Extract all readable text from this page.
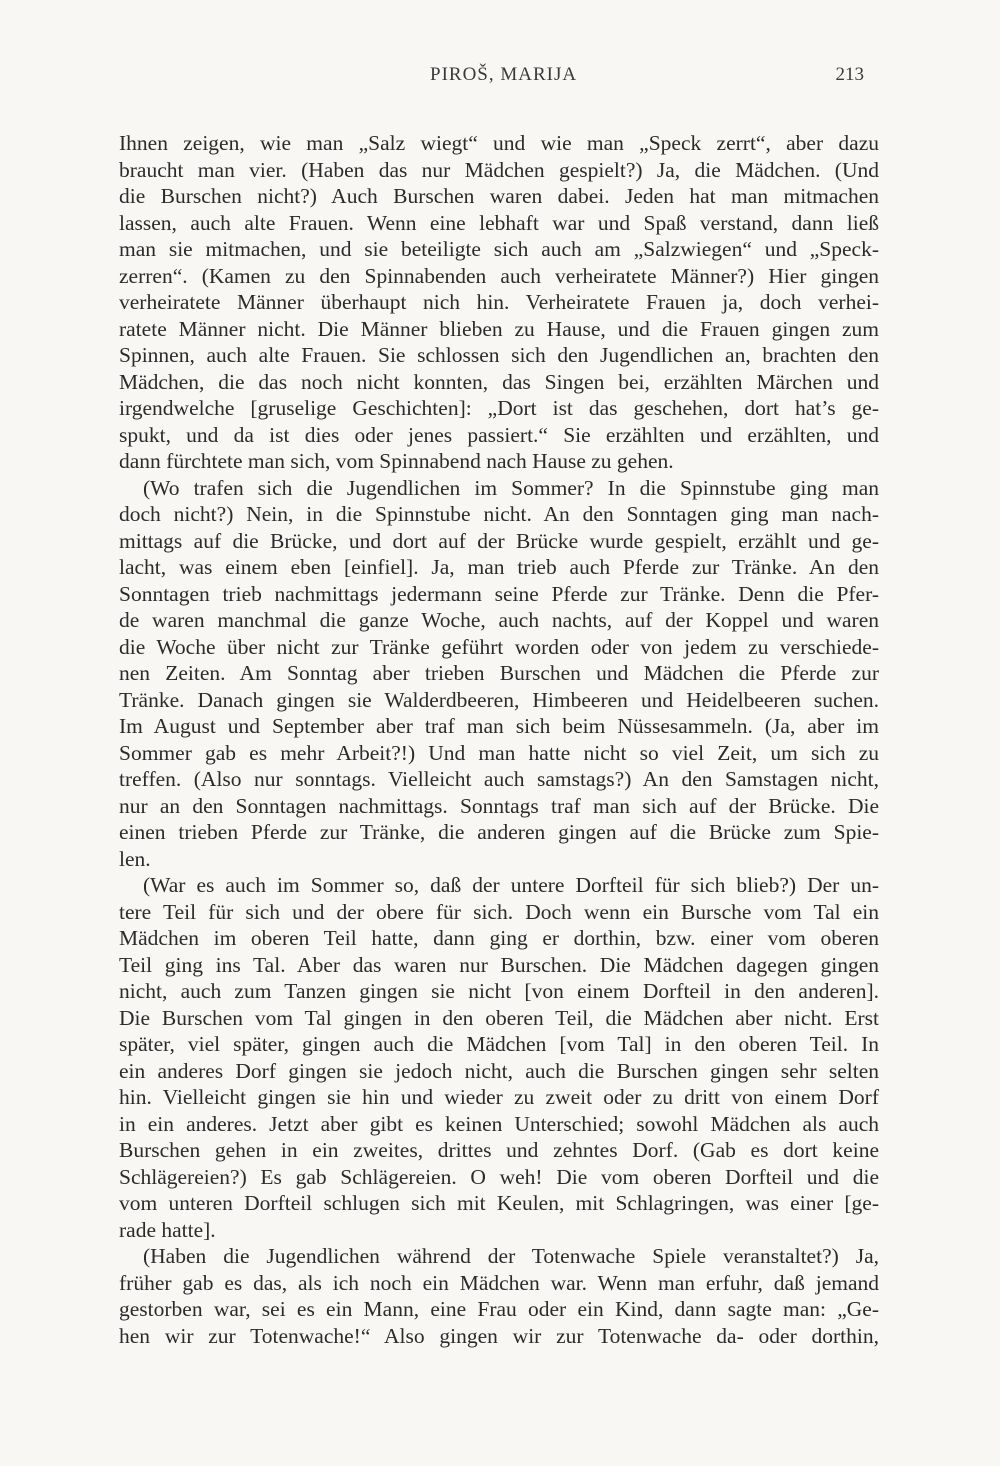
PIROŠ, MARIJA	213
Ihnen zeigen, wie man „Salz wiegt“ und wie man „Speck zerrt“, aber dazu
braucht man vier. (Haben das nur Mädchen gespielt?) Ja, die Mädchen. (Und
die Burschen nicht?) Auch Burschen waren dabei. Jeden hat man mitmachen
lassen, auch alte Frauen. Wenn eine lebhaft war und Spaß verstand, dann ließ
man sie mitmachen, und sie beteiligte sich auch am „Salzwiegen“ und „Speck-
zerren“. (Kamen zu den Spinnabenden auch verheiratete Männer?) Hier gingen
verheiratete Männer überhaupt nich hin. Verheiratete Frauen ja, doch verhei-
ratete Männer nicht. Die Männer blieben zu Hause, und die Frauen gingen zum
Spinnen, auch alte Frauen. Sie schlossen sich den Jugendlichen an, brachten den
Mädchen, die das noch nicht konnten, das Singen bei, erzählten Märchen und
irgendwelche [gruselige Geschichten]: „Dort ist das geschehen, dort hat’s ge-
spukt, und da ist dies oder jenes passiert.“ Sie erzählten und erzählten, und
dann fürchtete man sich, vom Spinnabend nach Hause zu gehen.
(Wo trafen sich die Jugendlichen im Sommer? In die Spinnstube ging man
doch nicht?) Nein, in die Spinnstube nicht. An den Sonntagen ging man nach-
mittags auf die Brücke, und dort auf der Brücke wurde gespielt, erzählt und ge-
lacht, was einem eben [einfiel]. Ja, man trieb auch Pferde zur Tränke. An den
Sonntagen trieb nachmittags jedermann seine Pferde zur Tränke. Denn die Pfer-
de waren manchmal die ganze Woche, auch nachts, auf der Koppel und waren
die Woche über nicht zur Tränke geführt worden oder von jedem zu verschiede-
nen Zeiten. Am Sonntag aber trieben Burschen und Mädchen die Pferde zur
Tränke. Danach gingen sie Walderdbeeren, Himbeeren und Heidelbeeren suchen.
Im August und September aber traf man sich beim Nüssesammeln. (Ja, aber im
Sommer gab es mehr Arbeit?!) Und man hatte nicht so viel Zeit, um sich zu
treffen. (Also nur sonntags. Vielleicht auch samstags?) An den Samstagen nicht,
nur an den Sonntagen nachmittags. Sonntags traf man sich auf der Brücke. Die
einen trieben Pferde zur Tränke, die anderen gingen auf die Brücke zum Spie-
len.
(War es auch im Sommer so, daß der untere Dorfteil für sich blieb?) Der un-
tere Teil für sich und der obere für sich. Doch wenn ein Bursche vom Tal ein
Mädchen im oberen Teil hatte, dann ging er dorthin, bzw. einer vom oberen
Teil ging ins Tal. Aber das waren nur Burschen. Die Mädchen dagegen gingen
nicht, auch zum Tanzen gingen sie nicht [von einem Dorfteil in den anderen].
Die Burschen vom Tal gingen in den oberen Teil, die Mädchen aber nicht. Erst
später, viel später, gingen auch die Mädchen [vom Tal] in den oberen Teil. In
ein anderes Dorf gingen sie jedoch nicht, auch die Burschen gingen sehr selten
hin. Vielleicht gingen sie hin und wieder zu zweit oder zu dritt von einem Dorf
in ein anderes. Jetzt aber gibt es keinen Unterschied; sowohl Mädchen als auch
Burschen gehen in ein zweites, drittes und zehntes Dorf. (Gab es dort keine
Schlägereien?) Es gab Schlägereien. O weh! Die vom oberen Dorfteil und die
vom unteren Dorfteil schlugen sich mit Keulen, mit Schlagringen, was einer [ge-
rade hatte].
(Haben die Jugendlichen während der Totenwache Spiele veranstaltet?) Ja,
früher gab es das, als ich noch ein Mädchen war. Wenn man erfuhr, daß jemand
gestorben war, sei es ein Mann, eine Frau oder ein Kind, dann sagte man: „Ge-
hen wir zur Totenwache!“ Also gingen wir zur Totenwache da- oder dorthin,
